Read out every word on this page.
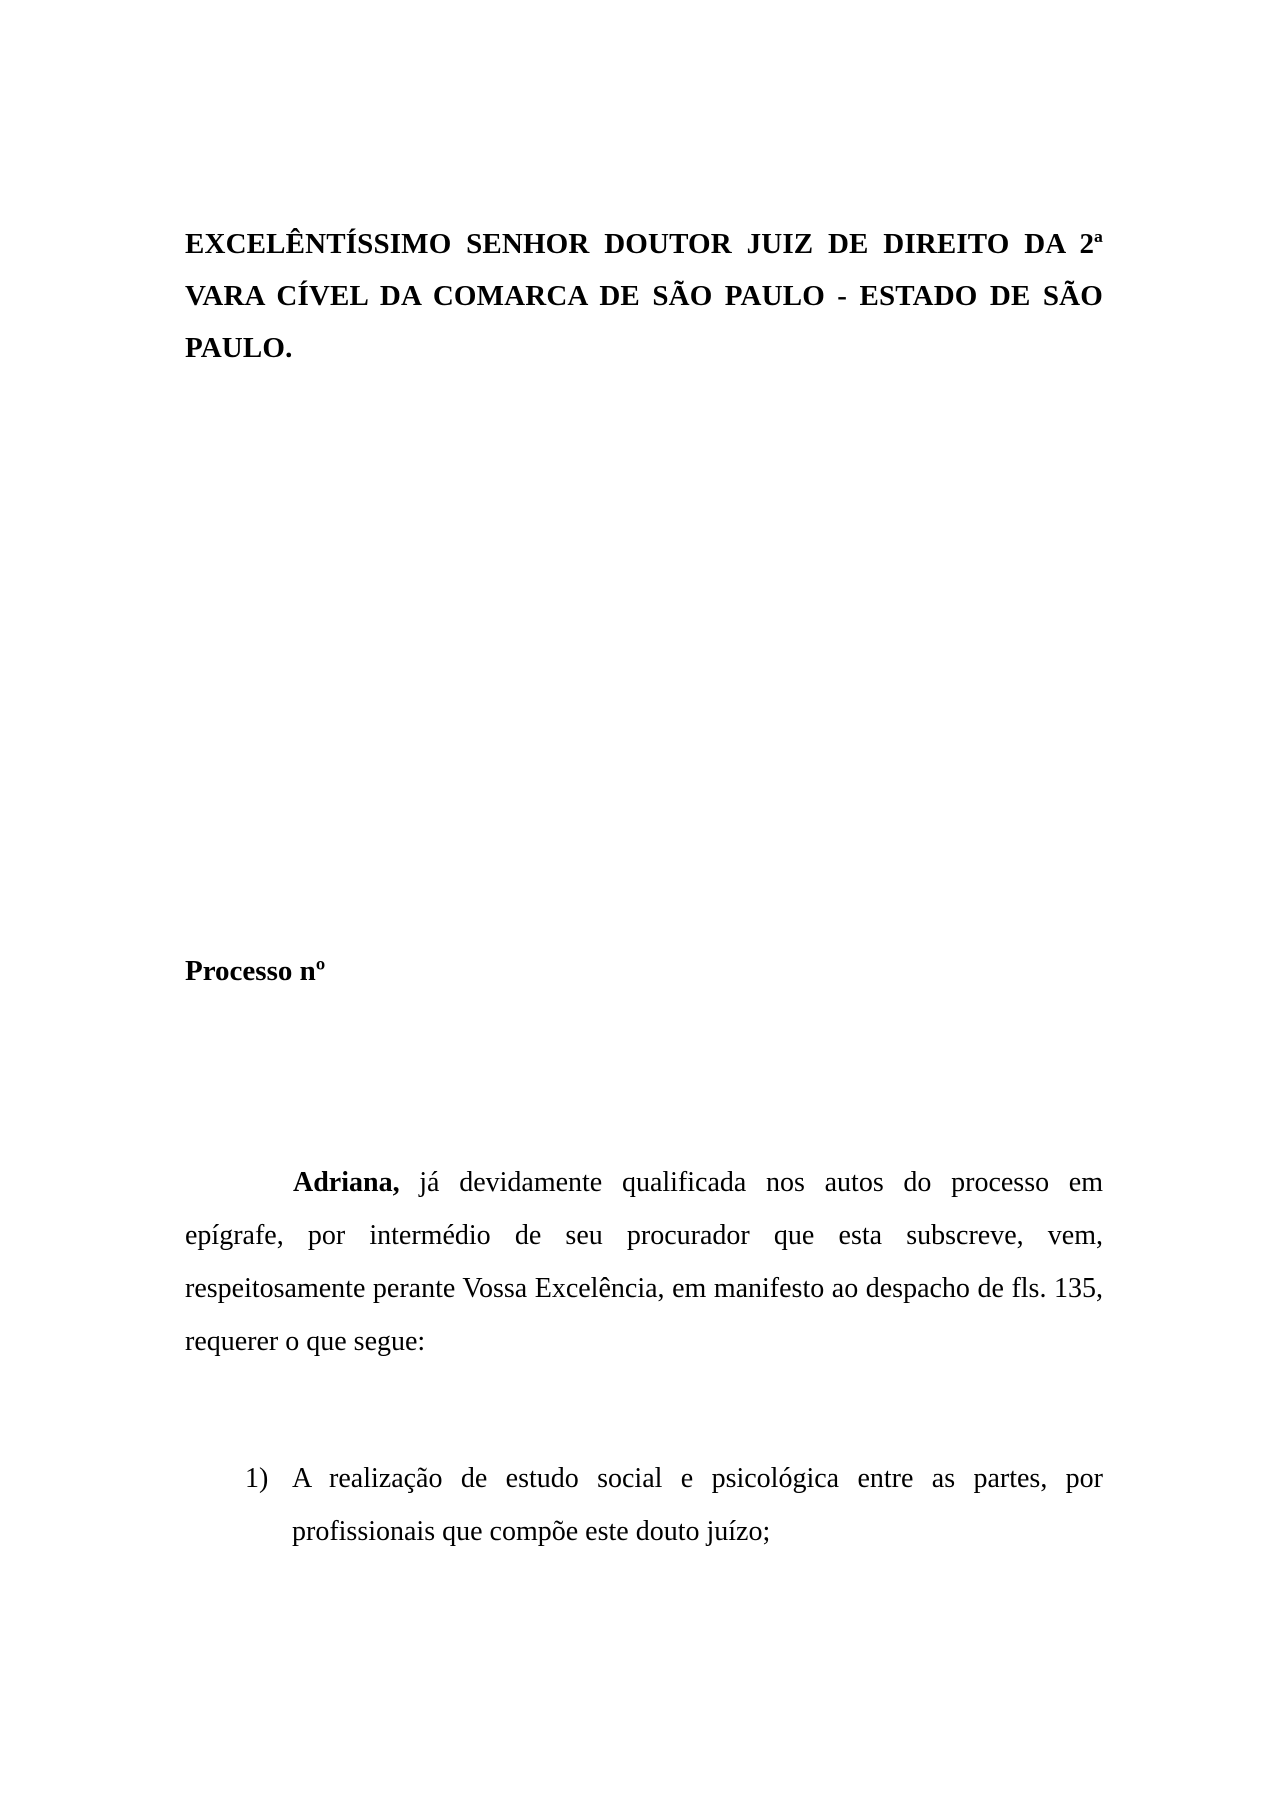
EXCELÊNTÍSSIMO SENHOR DOUTOR JUIZ DE DIREITO DA 2ª VARA CÍVEL DA COMARCA DE SÃO PAULO - ESTADO DE SÃO PAULO.
Processo nº

Adriana, já devidamente qualificada nos autos do processo em epígrafe, por intermédio de seu procurador que esta subscreve, vem, respeitosamente perante Vossa Excelência, em manifesto ao despacho de fls. 135, requerer o que segue:

1) A realização de estudo social e psicológica entre as partes, por profissionais que compõe este douto juízo;
